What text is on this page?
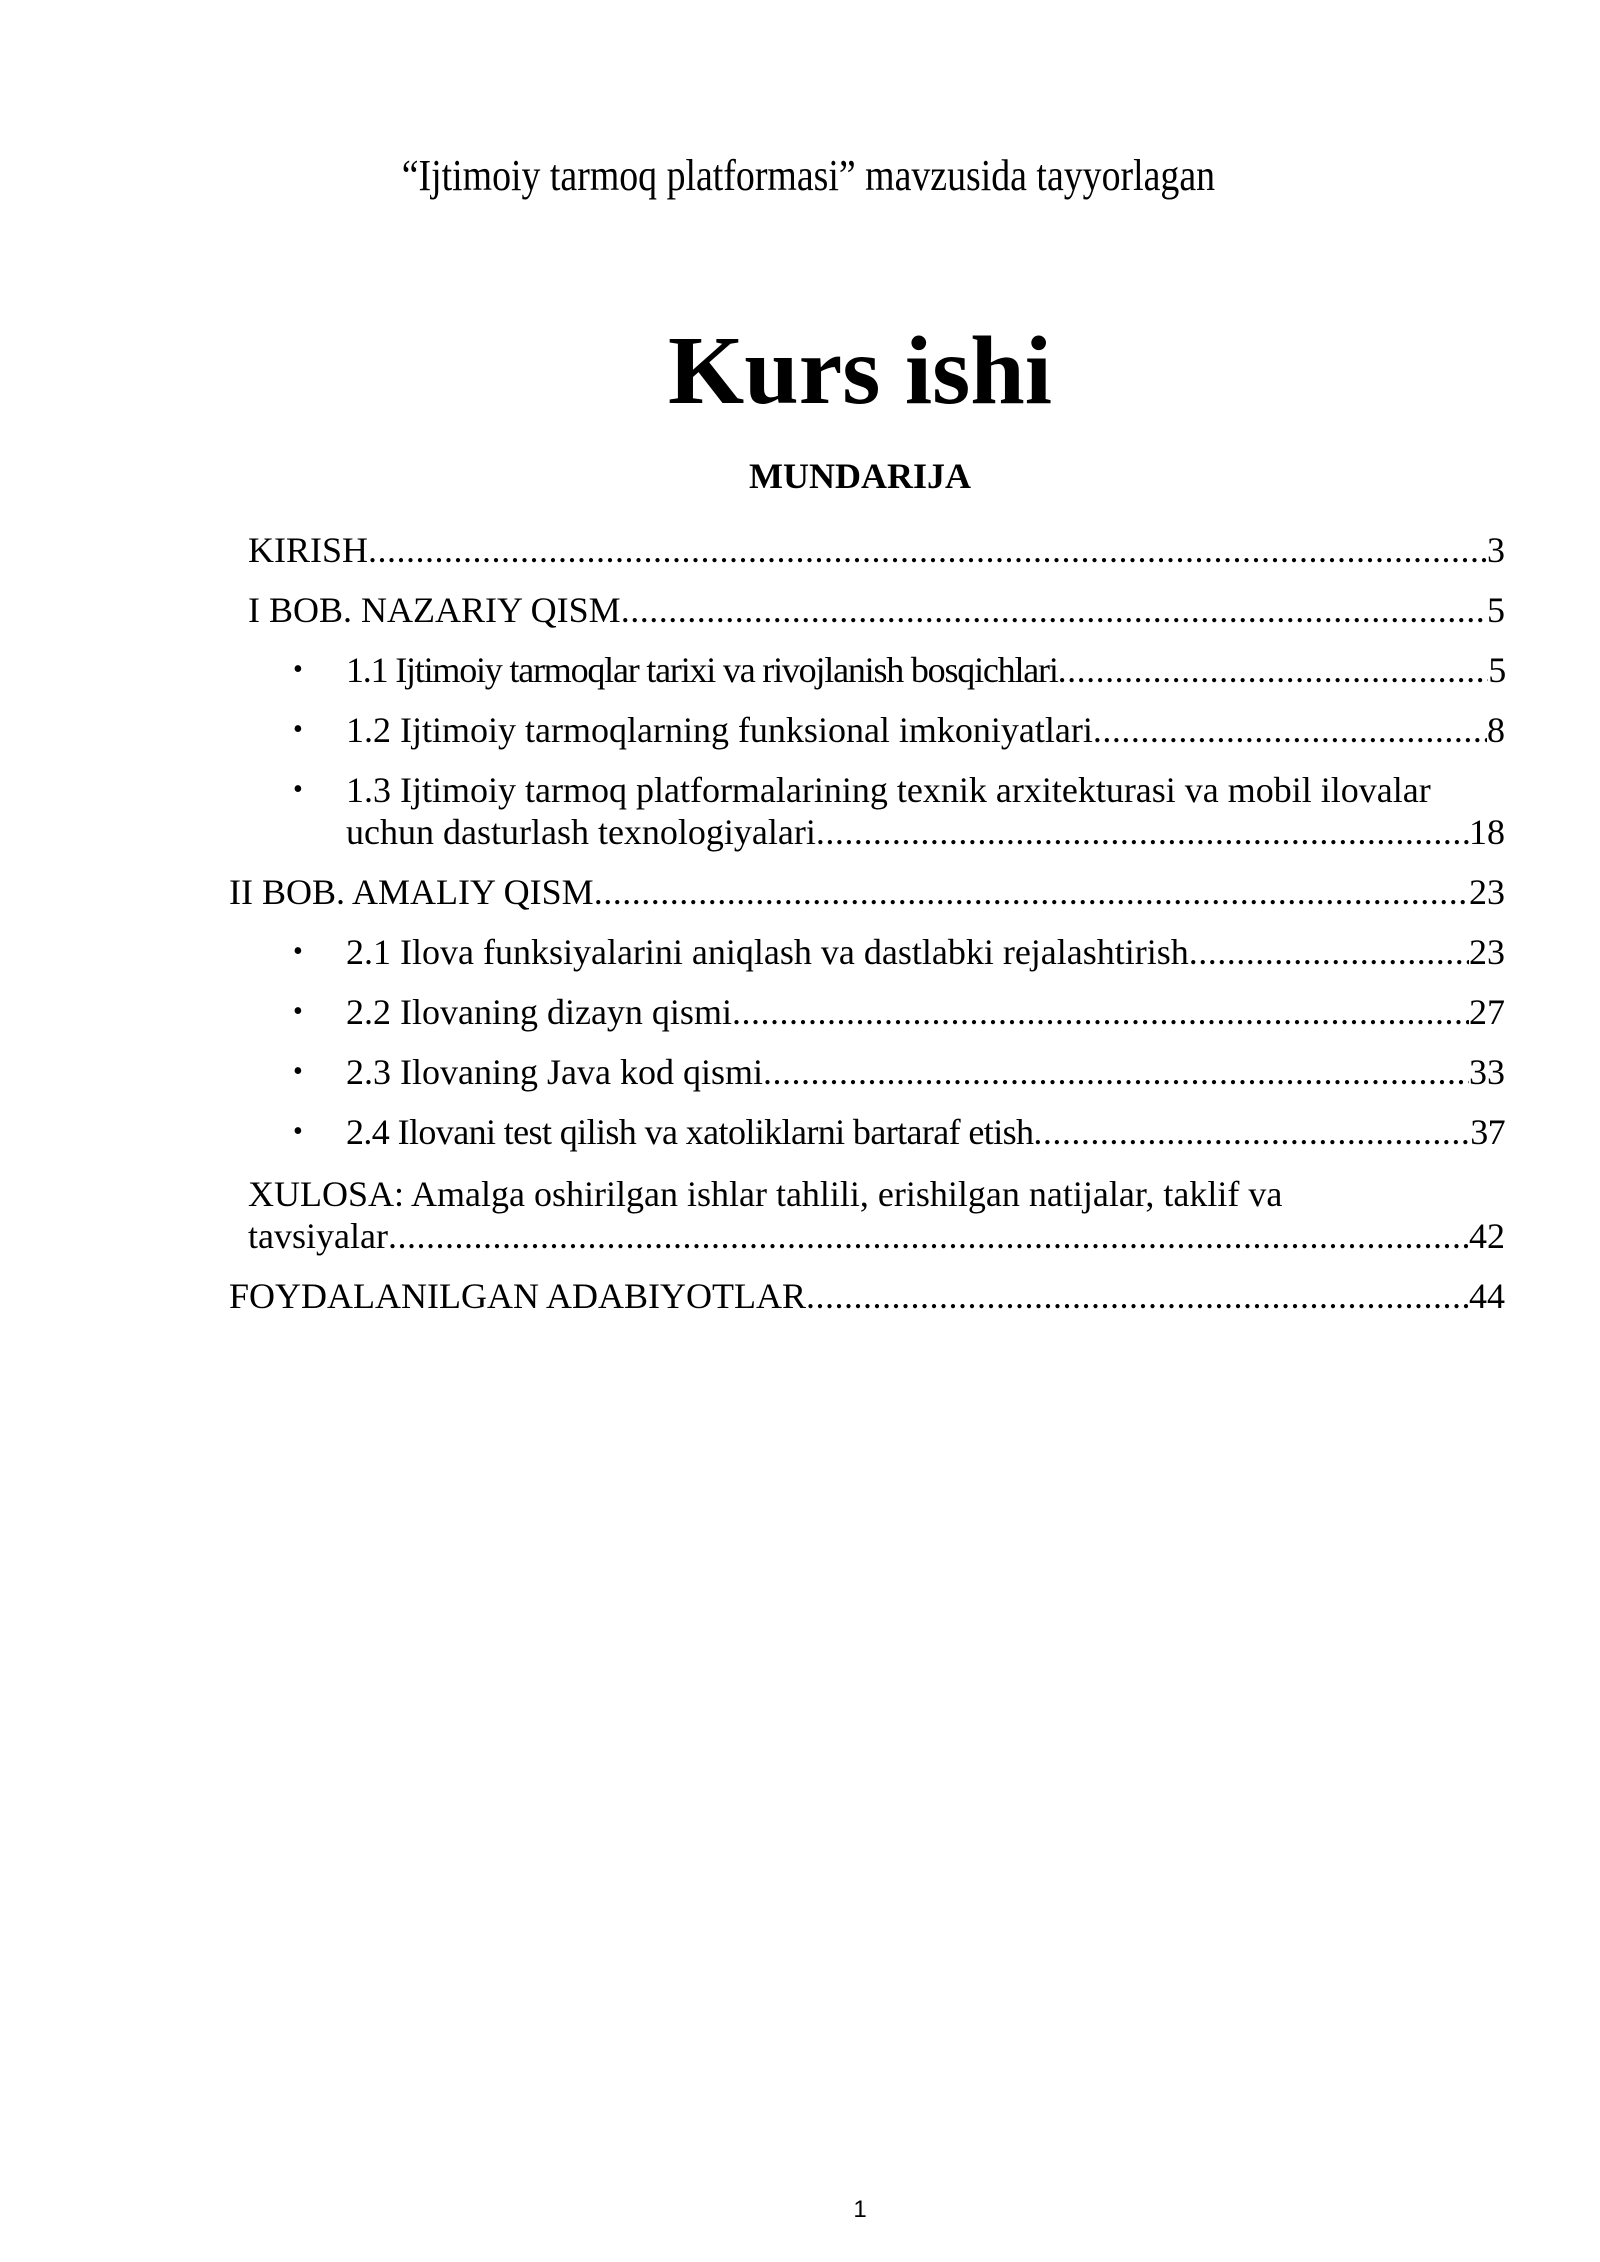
“Ijtimoiy tarmoq platformasi” mavzusida tayyorlagan
Kurs ishi
MUNDARIJA
KIRISH .....	3
I BOB. NAZARIY QISM .....	5
• 1.1 Ijtimoiy tarmoqlar tarixi va rivojlanish bosqichlari .....	5
• 1.2 Ijtimoiy tarmoqlarning funksional imkoniyatlari .....	8
• 1.3 Ijtimoiy tarmoq platformalarining texnik arxitekturasi va mobil ilovalar
uchun dasturlash texnologiyalari .....	18
II BOB. AMALIY QISM .....	23
• 2.1 Ilova funksiyalarini aniqlash va dastlabki rejalashtirish .....	23
• 2.2 Ilovaning dizayn qismi .....	27
• 2.3 Ilovaning Java kod qismi .....	33
• 2.4 Ilovani test qilish va xatoliklarni bartaraf etish .....	37
XULOSA: Amalga oshirilgan ishlar tahlili, erishilgan natijalar, taklif va
tavsiyalar .....	42
FOYDALANILGAN ADABIYOTLAR .....	44
1
